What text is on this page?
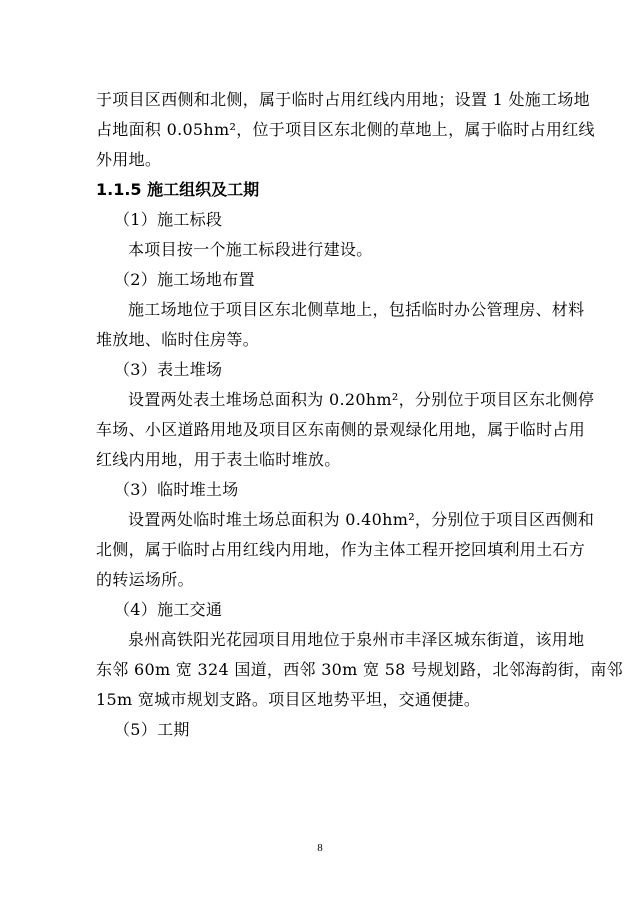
于项目区西侧和北侧，属于临时占用红线内用地；设置 1 处施工场地
占地面积 0.05hm²，位于项目区东北侧的草地上，属于临时占用红线
外用地。
1.1.5 施工组织及工期
（1）施工标段
本项目按一个施工标段进行建设。
（2）施工场地布置
施工场地位于项目区东北侧草地上，包括临时办公管理房、材料
堆放地、临时住房等。
（3）表土堆场
设置两处表土堆场总面积为 0.20hm²，分别位于项目区东北侧停
车场、小区道路用地及项目区东南侧的景观绿化用地，属于临时占用
红线内用地，用于表土临时堆放。
（3）临时堆土场
设置两处临时堆土场总面积为 0.40hm²，分别位于项目区西侧和
北侧，属于临时占用红线内用地，作为主体工程开挖回填利用土石方
的转运场所。
（4）施工交通
泉州高铁阳光花园项目用地位于泉州市丰泽区城东街道，该用地
东邻 60m 宽 324 国道，西邻 30m 宽 58 号规划路，北邻海韵街，南邻
15m 宽城市规划支路。项目区地势平坦，交通便捷。
（5）工期
8
